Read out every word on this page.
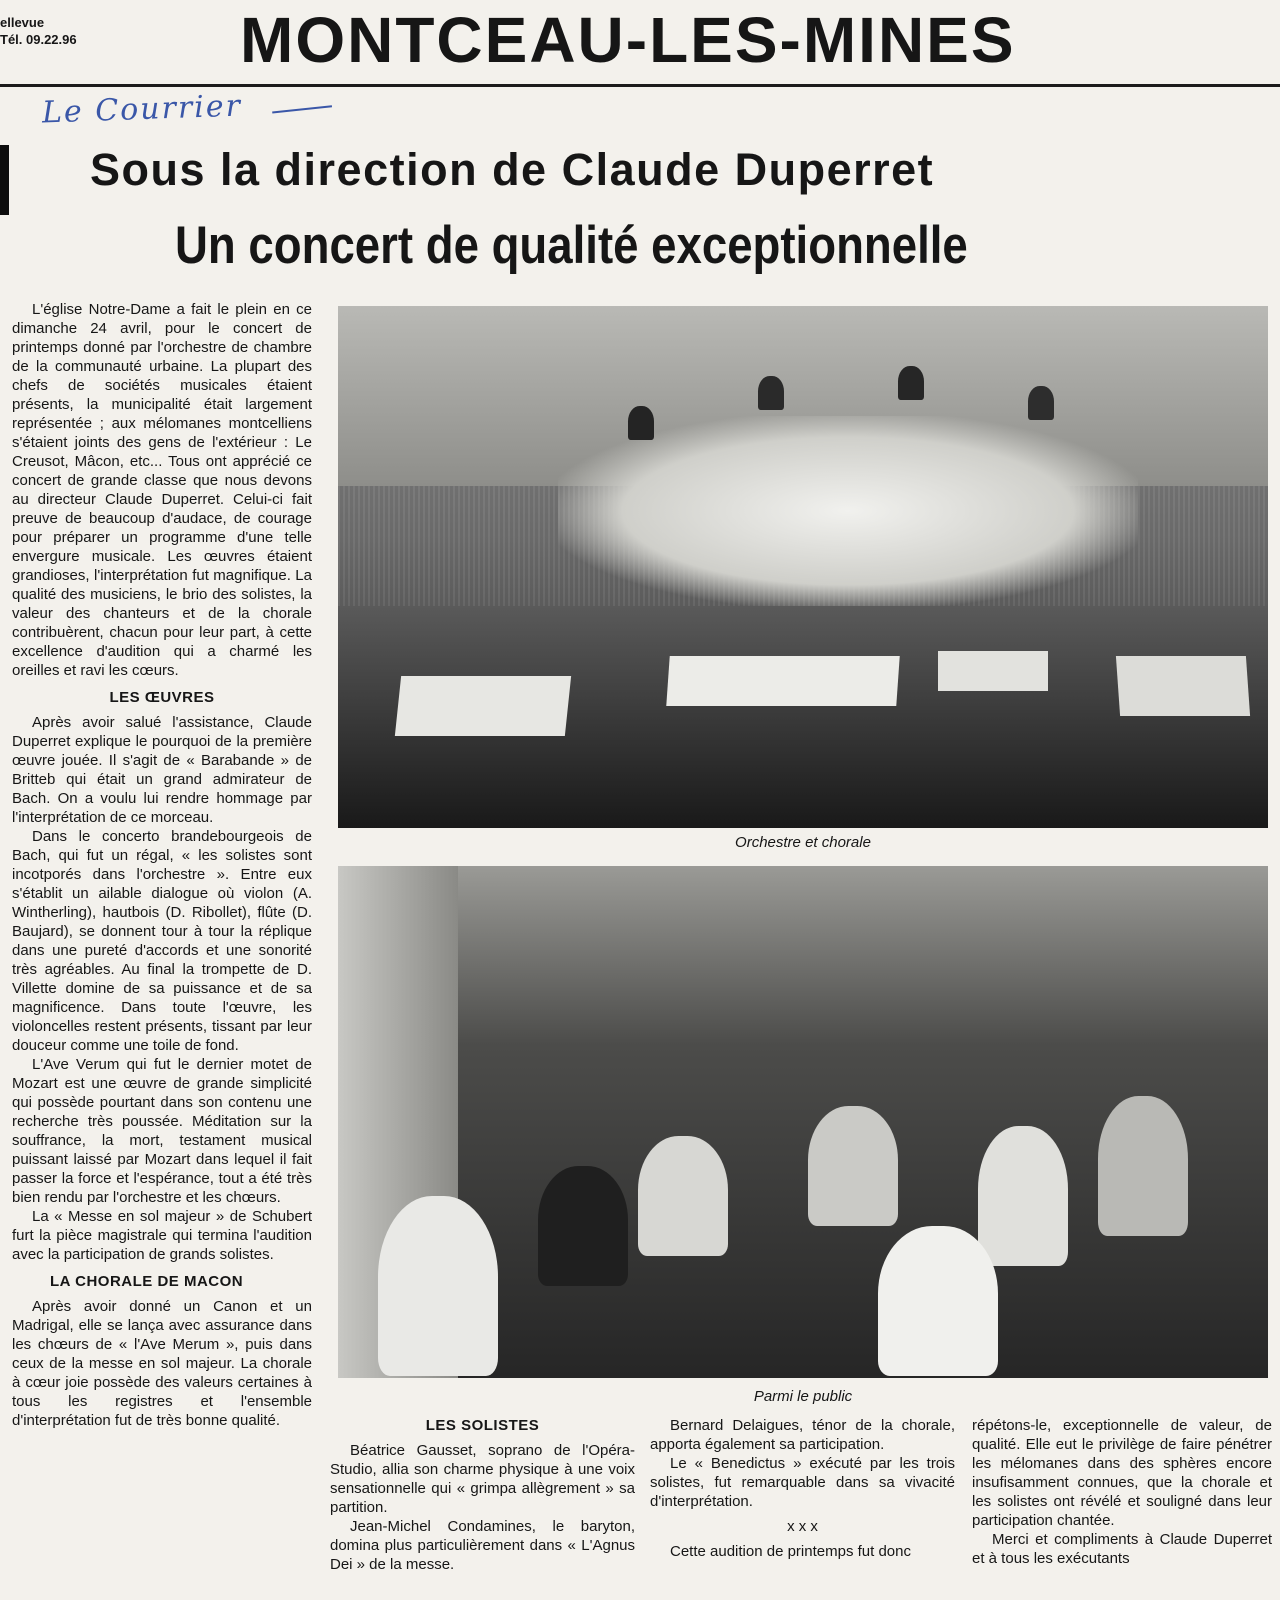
ellevue
Tél. 09.22.96	MONTCEAU-LES-MINES
Le Courrier
Sous la direction de Claude Duperret
Un concert de qualité exceptionnelle

L'église Notre-Dame a fait le plein en ce dimanche 24 avril, pour le concert de printemps donné par l'orchestre de chambre de la communauté urbaine. La plupart des chefs de sociétés musicales étaient présents, la municipalité était largement représentée ; aux mélomanes montcelliens s'étaient joints des gens de l'extérieur : Le Creusot, Mâcon, etc... Tous ont apprécié ce concert de grande classe que nous devons au directeur Claude Duperret. Celui-ci fait preuve de beaucoup d'audace, de courage pour préparer un programme d'une telle envergure musicale. Les œuvres étaient grandioses, l'interprétation fut magnifique. La qualité des musiciens, le brio des solistes, la valeur des chanteurs et de la chorale contribuèrent, chacun pour leur part, à cette excellence d'audition qui a charmé les oreilles et ravi les cœurs.

LES ŒUVRES

Après avoir salué l'assistance, Claude Duperret explique le pourquoi de la première œuvre jouée. Il s'agit de « Barabande » de Britteb qui était un grand admirateur de Bach. On a voulu lui rendre hommage par l'interprétation de ce morceau.

Dans le concerto brandebourgeois de Bach, qui fut un régal, « les solistes sont incotporés dans l'orchestre ». Entre eux s'établit un ailable dialogue où violon (A. Wintherling), hautbois (D. Ribollet), flûte (D. Baujard), se donnent tour à tour la réplique dans une pureté d'accords et une sonorité très agréables. Au final la trompette de D. Villette domine de sa puissance et de sa magnificence. Dans toute l'œuvre, les violoncelles restent présents, tissant par leur douceur comme une toile de fond.

L'Ave Verum qui fut le dernier motet de Mozart est une œuvre de grande simplicité qui possède pourtant dans son contenu une recherche très poussée. Méditation sur la souffrance, la mort, testament musical puissant laissé par Mozart dans lequel il fait passer la force et l'espérance, tout a été très bien rendu par l'orchestre et les chœurs.

La « Messe en sol majeur » de Schubert furt la pièce magistrale qui termina l'audition avec la participation de grands solistes.

LA CHORALE DE MACON

Après avoir donné un Canon et un Madrigal, elle se lança avec assurance dans les chœurs de « l'Ave Merum », puis dans ceux de la messe en sol majeur. La chorale à cœur joie possède des valeurs certaines à tous les registres et l'ensemble d'interprétation fut de très bonne qualité.

Orchestre et chorale
Parmi le public
LES SOLISTES

Béatrice Gausset, soprano de l'Opéra-Studio, allia son charme physique à une voix sensationnelle qui « grimpa allègrement » sa partition.

Jean-Michel Condamines, le baryton, domina plus particulièrement dans « L'Agnus Dei » de la messe.

Bernard Delaigues, ténor de la chorale, apporta également sa participation.

Le « Benedictus » exécuté par les trois solistes, fut remarquable dans sa vivacité d'interprétation.

x x x

Cette audition de printemps fut donc

répétons-le, exceptionnelle de valeur, de qualité. Elle eut le privilège de faire pénétrer les mélomanes dans des sphères encore insufisamment connues, que la chorale et les solistes ont révélé et souligné dans leur participation chantée.

Merci et compliments à Claude Duperret et à tous les exécutants
